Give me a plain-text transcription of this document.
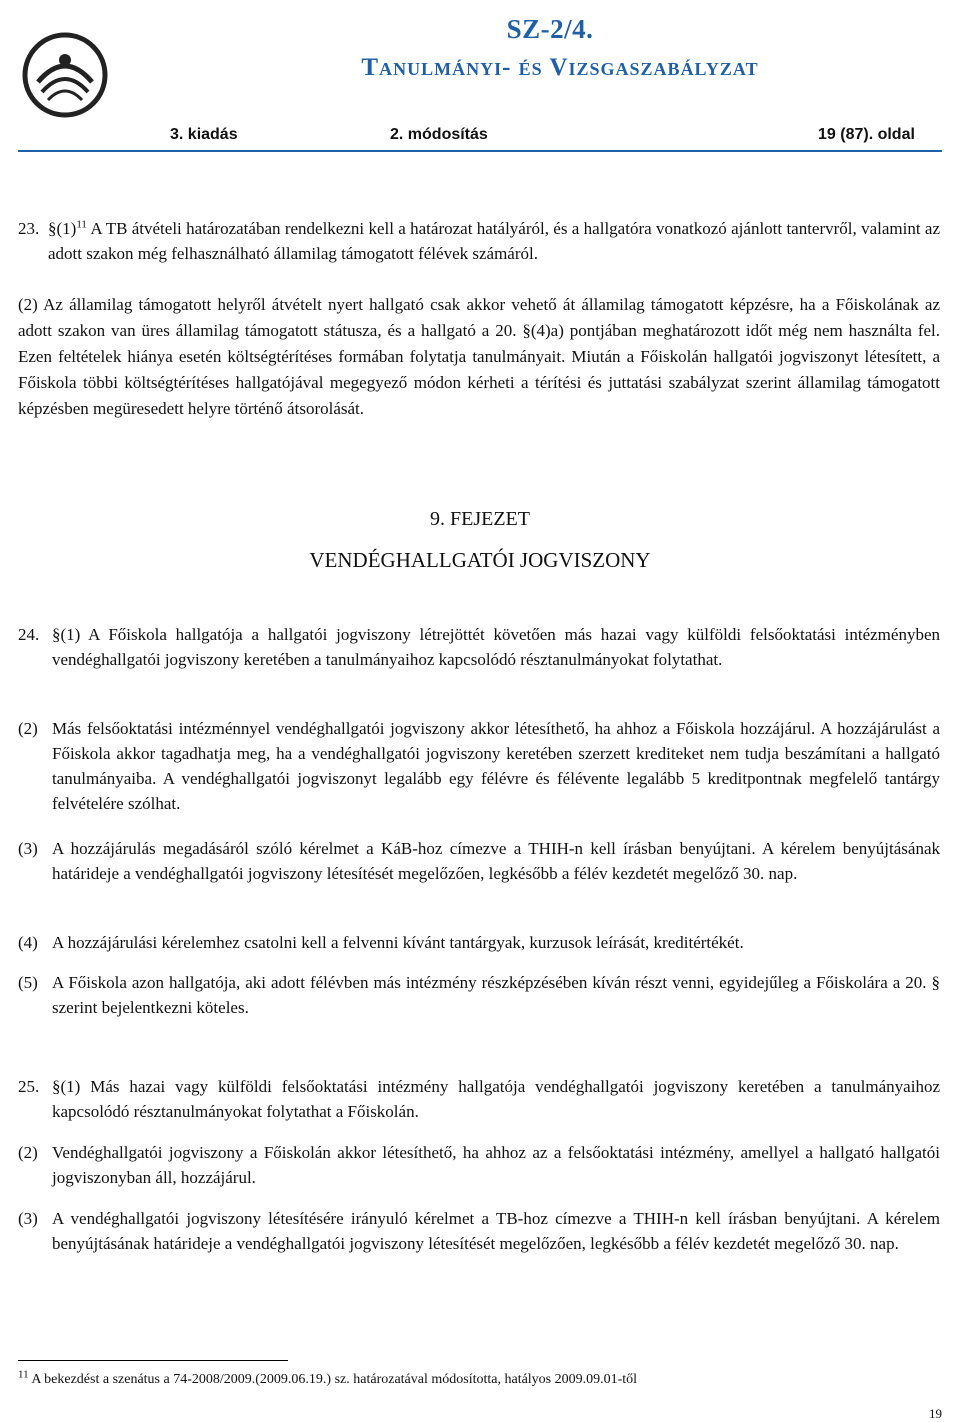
SZ-2/4.
Tanulmányi- és Vizsgaszabályzat
3. kiadás	2. módosítás	19 (87). oldal
23. $\S(1)^{11}$ A TB átvételi határozatában rendelkezni kell a határozat hatályáról, és a hallgatóra vonatkozó ajánlott tantervről, valamint az adott szakon még felhasználható államilag támogatott félévek számáról.
(2) Az államilag támogatott helyről átvételt nyert hallgató csak akkor vehető át államilag támogatott képzésre, ha a Főiskolának az adott szakon van üres államilag támogatott státusza, és a hallgató a 20. §(4)a) pontjában meghatározott időt még nem használta fel. Ezen feltételek hiánya esetén költségtérítéses formában folytatja tanulmányait. Miután a Főiskolán hallgatói jogviszonyt létesített, a Főiskola többi költségtérítéses hallgatójával megegyező módon kérheti a térítési és juttatási szabályzat szerint államilag támogatott képzésben megüresedett helyre történő átsorolását.
9. FEJEZET
VENDÉGHALLGATÓI JOGVISZONY
24. §(1) A Főiskola hallgatója a hallgatói jogviszony létrejöttét követően más hazai vagy külföldi felsőoktatási intézményben vendéghallgatói jogviszony keretében a tanulmányaihoz kapcsolódó résztanulmányokat folytathat.
(2) Más felsőoktatási intézménnyel vendéghallgatói jogviszony akkor létesíthető, ha ahhoz a Főiskola hozzájárul. A hozzájárulást a Főiskola akkor tagadhatja meg, ha a vendéghallgatói jogviszony keretében szerzett krediteket nem tudja beszámítani a hallgató tanulmányaiba. A vendéghallgatói jogviszonyt legalább egy félévre és félévente legalább 5 kreditpontnak megfelelő tantárgy felvételére szólhat.
(3) A hozzájárulás megadásáról szóló kérelmet a KáB-hoz címezve a THIH-n kell írásban benyújtani. A kérelem benyújtásának határideje a vendéghallgatói jogviszony létesítését megelőzően, legkésőbb a félév kezdetét megelőző 30. nap.
(4) A hozzájárulási kérelemhez csatolni kell a felvenni kívánt tantárgyak, kurzusok leírását, kreditértékét.
(5) A Főiskola azon hallgatója, aki adott félévben más intézmény részképzésében kíván részt venni, egyidejűleg a Főiskolára a 20. § szerint bejelentkezni köteles.
25. §(1) Más hazai vagy külföldi felsőoktatási intézmény hallgatója vendéghallgatói jogviszony keretében a tanulmányaihoz kapcsolódó résztanulmányokat folytathat a Főiskolán.
(2) Vendéghallgatói jogviszony a Főiskolán akkor létesíthető, ha ahhoz az a felsőoktatási intézmény, amellyel a hallgató hallgatói jogviszonyban áll, hozzájárul.
(3) A vendéghallgatói jogviszony létesítésére irányuló kérelmet a TB-hoz címezve a THIH-n kell írásban benyújtani. A kérelem benyújtásának határideje a vendéghallgatói jogviszony létesítését megelőzően, legkésőbb a félév kezdetét megelőző 30. nap.
$^{11}$ A bekezdést a szenátus a 74-2008/2009.(2009.06.19.) sz. határozatával módosította, hatályos 2009.09.01-től
19
